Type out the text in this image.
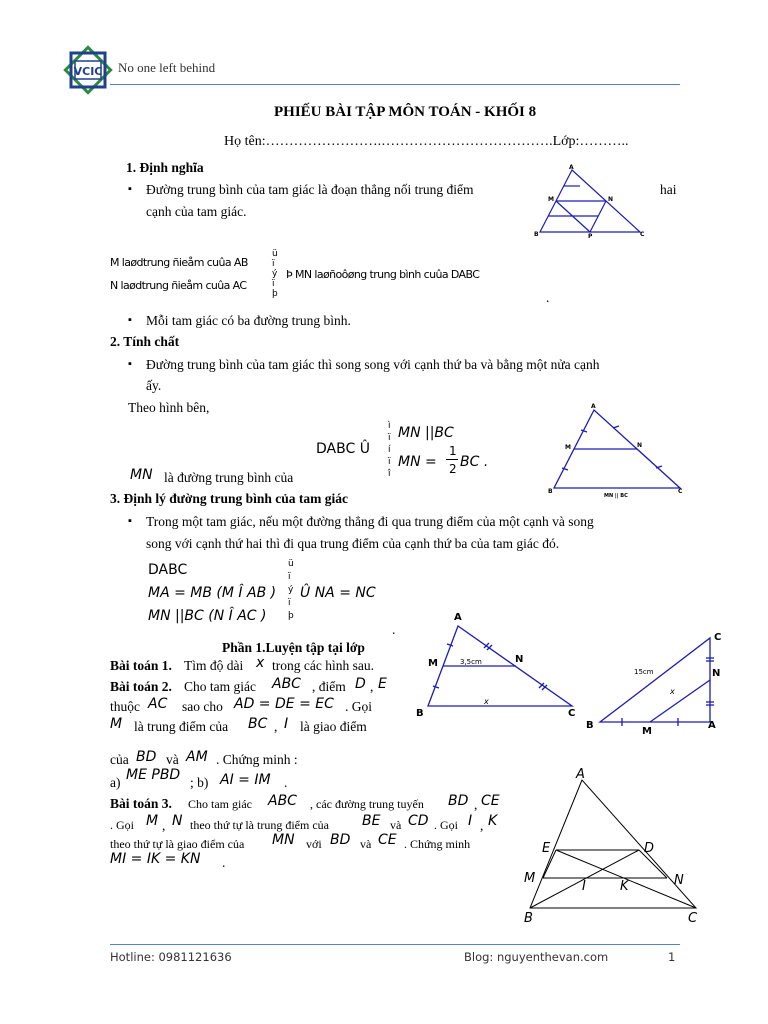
VCIC No one left behind
PHIẾU BÀI TẬP MÔN TOÁN - KHỐI 8
Họ tên:…………………….……………………………….Lớp:………..
1. Định nghĩa
▪ Đường trung bình của tam giác là đoạn thẳng nối trung điểm	hai
cạnh của tam giác.
A
B	C
M	N
P
M laødtrung ñieåm cuûa AB
N laødtrung ñieåm cuûa AC
ü
ï
ý
ï
þ
Þ MN laøñoôøng trung bình cuûa DABC
.
▪ Mỗi tam giác có ba đường trung bình.
2. Tính chất
▪ Đường trung bình của tam giác thì song song với cạnh thứ ba và bằng một nửa cạnh
ấy.
Theo hình bên,
DABC Û
ì
ï
í
ï
î
MN ||BC
MN =
1
2 BC .
MN là đường trung bình của
A
B	C
M	N
MN || BC
3. Định lý đường trung bình của tam giác
▪ Trong một tam giác, nếu một đường thẳng đi qua trung điểm của một cạnh và song
song với cạnh thứ hai thì đi qua trung điểm của cạnh thứ ba của tam giác đó.
DABC
MA = MB (M Î AB )
MN ||BC (N Î AC )
ü
ï
ý
ï
þ
Û NA = NC
.
Phần 1.Luyện tập tại lớp
Bài toán 1. Tìm độ dài x trong các hình sau.
Bài toán 2. Cho tam giác ABC , điểm D , E
thuộc AC sao cho AD = DE = EC . Gọi
M là trung điểm của BC , I là giao điểm
của BD và AM . Chứng minh :
a) ME PBD ; b) AI = IM .
Bài toán 3. Cho tam giác ABC , các đường trung tuyến BD , CE
. Gọi M , N theo thứ tự là trung điểm của BE và CD . Gọi I , K
theo thứ tự là giao điểm của MN với BD và CE . Chứng minh
MI = IK = KN .
A
B	C
M	N
3,5cm
x
C
B	A
M
N
15cm
x
A
B	C
D
E
M	N
I	K
Hotline: 0981121636	Blog: nguyenthevan.com	1
